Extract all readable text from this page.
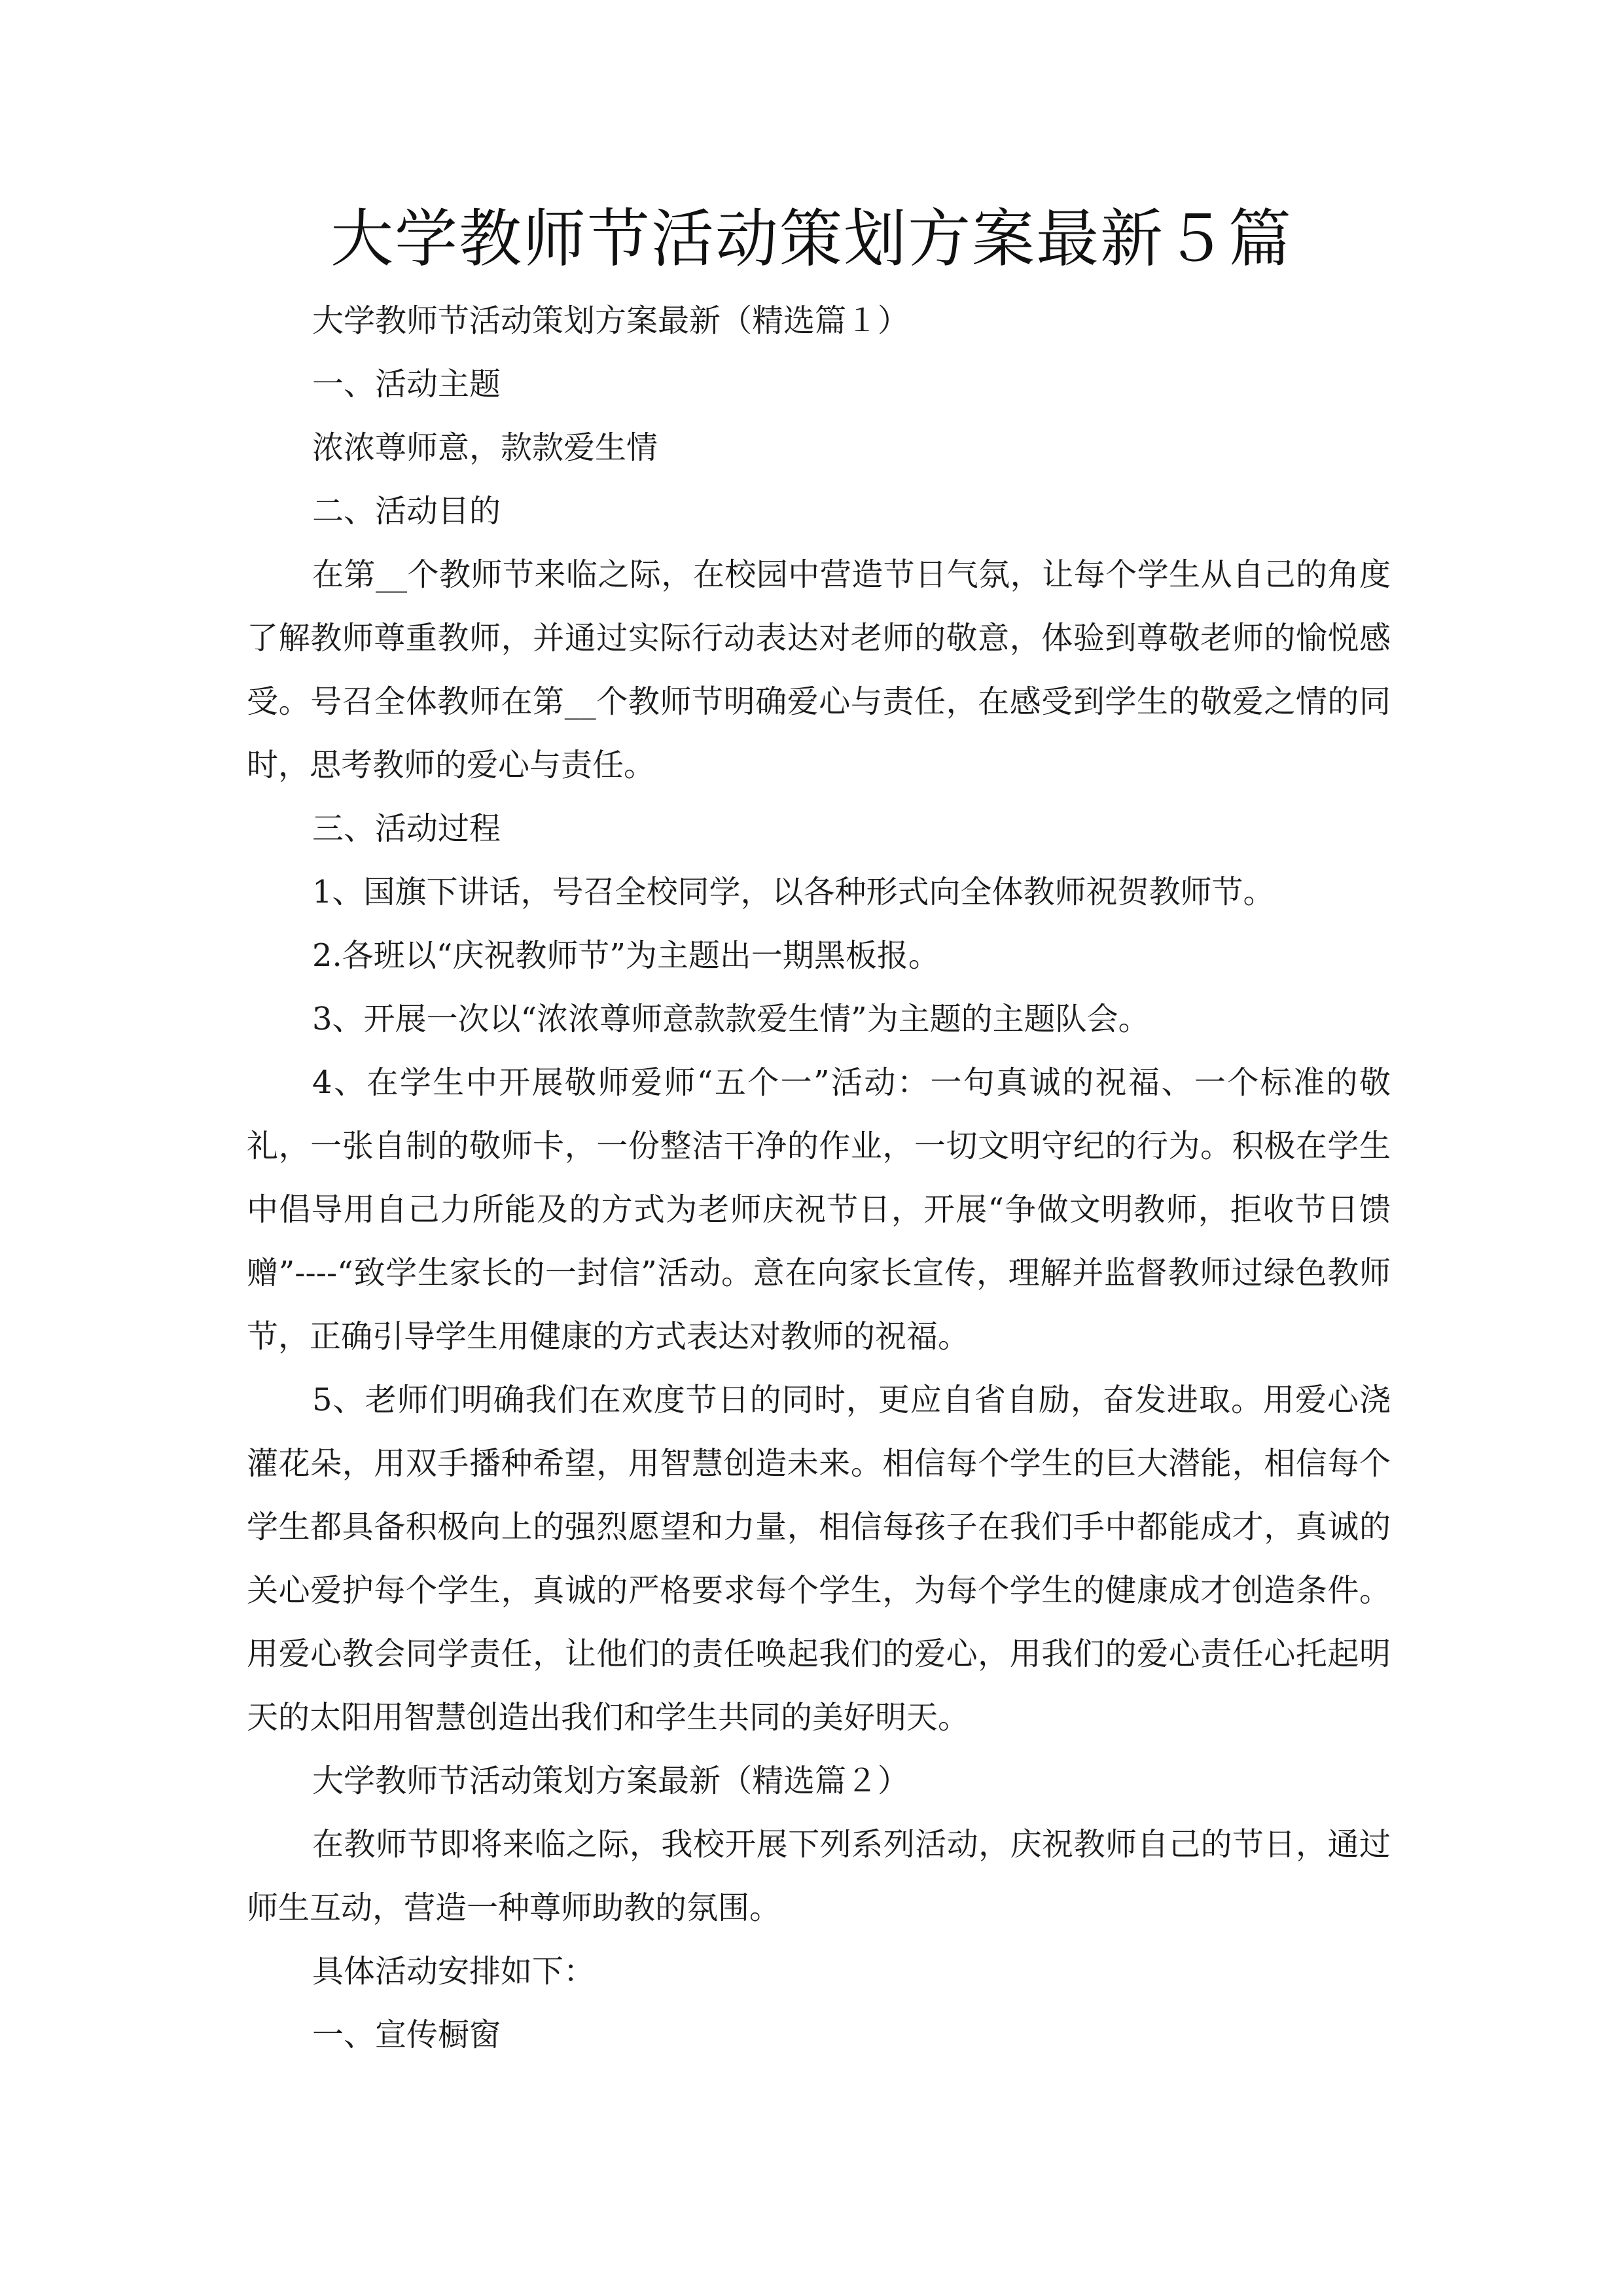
大学教师节活动策划方案最新５篇

大学教师节活动策划方案最新（精选篇１）

一、活动主题

浓浓尊师意，款款爱生情

二、活动目的

在第__个教师节来临之际，在校园中营造节日气氛，让每个学生从自己的角度了解教师尊重教师，并通过实际行动表达对老师的敬意，体验到尊敬老师的愉悦感受。号召全体教师在第__个教师节明确爱心与责任，在感受到学生的敬爱之情的同时，思考教师的爱心与责任。

三、活动过程

1、国旗下讲话，号召全校同学，以各种形式向全体教师祝贺教师节。

2.各班以“庆祝教师节”为主题出一期黑板报。

3、开展一次以“浓浓尊师意款款爱生情”为主题的主题队会。

4、在学生中开展敬师爱师“五个一”活动：一句真诚的祝福、一个标准的敬礼，一张自制的敬师卡，一份整洁干净的作业，一切文明守纪的行为。积极在学生中倡导用自己力所能及的方式为老师庆祝节日，开展“争做文明教师，拒收节日馈赠”----“致学生家长的一封信”活动。意在向家长宣传，理解并监督教师过绿色教师节，正确引导学生用健康的方式表达对教师的祝福。

5、老师们明确我们在欢度节日的同时，更应自省自励，奋发进取。用爱心浇灌花朵，用双手播种希望，用智慧创造未来。相信每个学生的巨大潜能，相信每个学生都具备积极向上的强烈愿望和力量，相信每孩子在我们手中都能成才，真诚的关心爱护每个学生，真诚的严格要求每个学生，为每个学生的健康成才创造条件。用爱心教会同学责任，让他们的责任唤起我们的爱心，用我们的爱心责任心托起明天的太阳用智慧创造出我们和学生共同的美好明天。

大学教师节活动策划方案最新（精选篇２）

在教师节即将来临之际，我校开展下列系列活动，庆祝教师自己的节日，通过师生互动，营造一种尊师助教的氛围。

具体活动安排如下：

一、宣传橱窗
